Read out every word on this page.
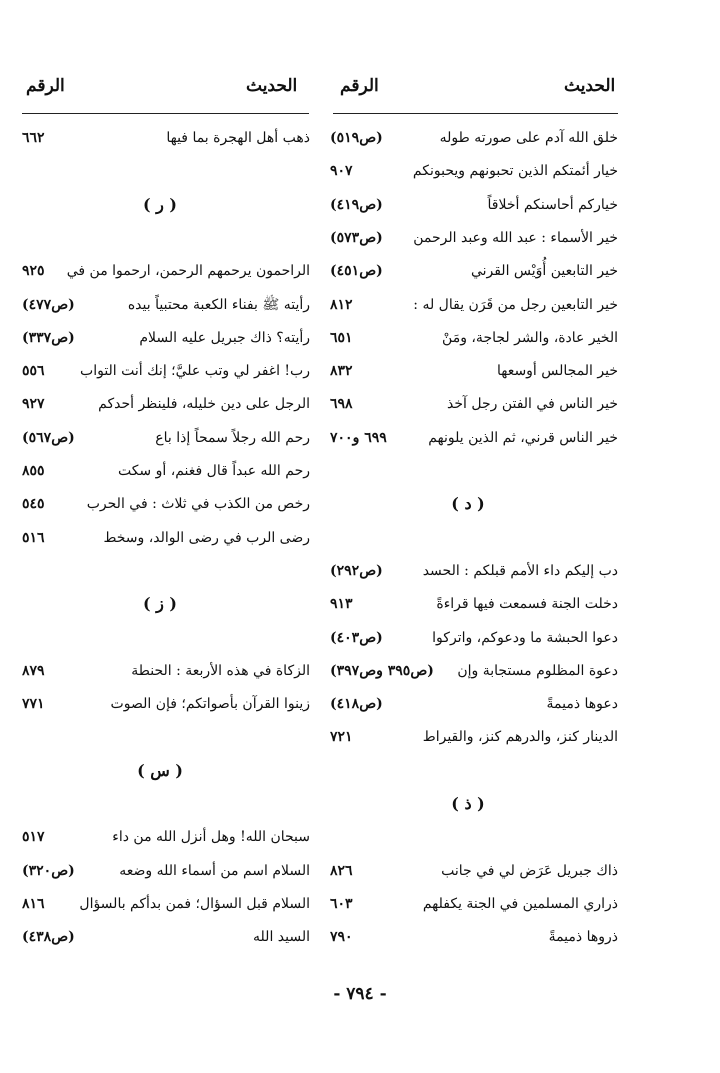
الحديث
الرقم
الحديث
الرقم
خلق الله آدم على صورته طوله
(ص٥١٩)
خيار أئمتكم الذين تحبونهم ويحبونكم
٩٠٧
خياركم أحاسنكم أخلاقاً
(ص٤١٩)
خير الأسماء : عبد الله وعبد الرحمن
(ص٥٧٣)
خير التابعين أُوَيْس القرني
(ص٤٥١)
خير التابعين رجل من قَرَن يقال له :
٨١٢
الخير عادة، والشر لجاجة، ومَنْ
٦٥١
خير المجالس أوسعها
٨٣٢
خير الناس في الفتن رجل آخذ
٦٩٨
خير الناس قرني، ثم الذين يلونهم
٦٩٩ و٧٠٠
( د )
دب إليكم داء الأمم قبلكم : الحسد
(ص٢٩٢)
دخلت الجنة فسمعت فيها قراءةً
٩١٣
دعوا الحبشة ما ودعوكم، واتركوا
(ص٤٠٣)
دعوة المظلوم مستجابة وإن
(ص٣٩٥ وص٣٩٧)
دعوها ذميمةً
(ص٤١٨)
الدينار كنز، والدرهم كنز، والقيراط
٧٢١
( ذ )
ذاك جبريل عَرَض لي في جانب
٨٢٦
ذراري المسلمين في الجنة يكفلهم
٦٠٣
ذروها ذميمةً
٧٩٠
ذهب أهل الهجرة بما فيها
٦٦٢
( ر )
الراحمون يرحمهم الرحمن، ارحموا من في
٩٢٥
رأيته ﷺ بفناء الكعبة محتبياً بيده
(ص٤٧٧)
رأيته؟ ذاك جبريل عليه السلام
(ص٣٣٧)
رب! اغفر لي وتب عليَّ؛ إنك أنت التواب
٥٥٦
الرجل على دين خليله، فلينظر أحدكم
٩٢٧
رحم الله رجلاً سمحاً إذا باع
(ص٥٦٧)
رحم الله عبداً قال فغنم، أو سكت
٨٥٥
رخص من الكذب في ثلاث : في الحرب
٥٤٥
رضى الرب في رضى الوالد، وسخط
٥١٦
( ز )
الزكاة في هذه الأربعة : الحنطة
٨٧٩
زينوا القرآن بأصواتكم؛ فإن الصوت
٧٧١
( س )
سبحان الله! وهل أنزل الله من داء
٥١٧
السلام اسم من أسماء الله وضعه
(ص٣٢٠)
السلام قبل السؤال؛ فمن بدأكم بالسؤال
٨١٦
السيد الله
(ص٤٣٨)
- ٧٩٤ -
